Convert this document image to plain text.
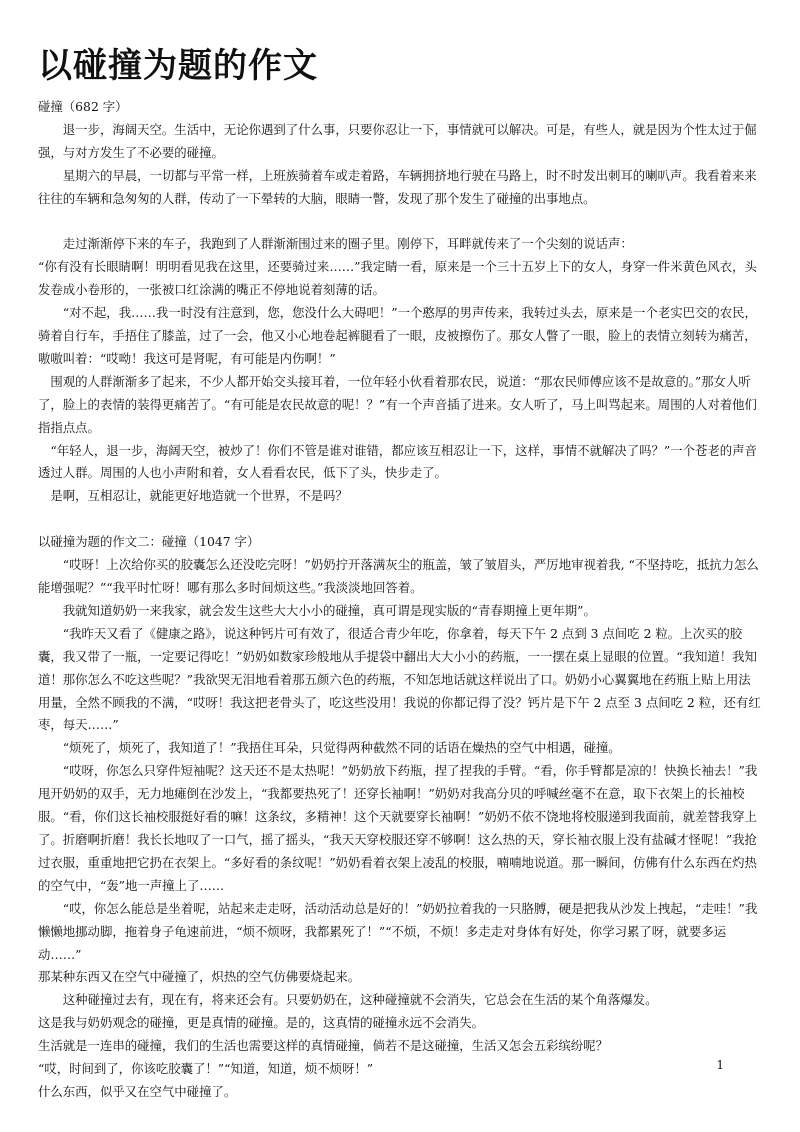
以碰撞为题的作文

碰撞（682 字）

退一步，海阔天空。生活中，无论你遇到了什么事，只要你忍让一下，事情就可以解决。可是，有些人，就是因为个性太过于倔强，与对方发生了不必要的碰撞。

星期六的早晨，一切都与平常一样，上班族骑着车或走着路，车辆拥挤地行驶在马路上，时不时发出刺耳的喇叭声。我看着来来往往的车辆和急匆匆的人群，传动了一下晕转的大脑，眼睛一瞥，发现了那个发生了碰撞的出事地点。

走过渐渐停下来的车子，我跑到了人群渐渐围过来的圈子里。刚停下，耳畔就传来了一个尖刻的说话声：

“你有没有长眼睛啊！明明看见我在这里，还要骑过来……”我定睛一看，原来是一个三十五岁上下的女人，身穿一件米黄色风衣，头发卷成小卷形的，一张被口红涂满的嘴正不停地说着刻薄的话。

“对不起，我……我一时没有注意到，您，您没什么大碍吧！”一个憨厚的男声传来，我转过头去，原来是一个老实巴交的农民，骑着自行车，手捂住了膝盖，过了一会，他又小心地卷起裤腿看了一眼，皮被擦伤了。那女人瞥了一眼，脸上的表情立刻转为痛苦，嗷嗷叫着：“哎呦！我这可是肾呢，有可能是内伤啊！”

围观的人群渐渐多了起来，不少人都开始交头接耳着，一位年轻小伙看着那农民，说道：“那农民师傅应该不是故意的。”那女人听了，脸上的表情的装得更痛苦了。“有可能是农民故意的呢！？”有一个声音插了进来。女人听了，马上叫骂起来。周围的人对着他们指指点点。

“年轻人，退一步，海阔天空，被炒了！你们不管是谁对谁错，都应该互相忍让一下，这样，事情不就解决了吗？”一个苍老的声音透过人群。周围的人也小声附和着，女人看看农民，低下了头，快步走了。

是啊，互相忍让，就能更好地造就一个世界，不是吗？

以碰撞为题的作文二：碰撞（1047 字）

“哎呀！上次给你买的胶囊怎么还没吃完呀！”奶奶拧开落满灰尘的瓶盖，皱了皱眉头，严厉地审视着我, “不坚持吃，抵抗力怎么能增强呢？”“我平时忙呀！哪有那么多时间烦这些。”我淡淡地回答着。

我就知道奶奶一来我家，就会发生这些大大小小的碰撞，真可谓是现实版的“青春期撞上更年期”。

“我昨天又看了《健康之路》，说这种钙片可有效了，很适合青少年吃，你拿着，每天下午 2 点到 3 点间吃 2 粒。上次买的胶囊，我又带了一瓶，一定要记得吃！”奶奶如数家珍般地从手提袋中翻出大大小小的药瓶，一一摆在桌上显眼的位置。“我知道！我知道！那你怎么不吃这些呢？”我欲哭无泪地看着那五颜六色的药瓶，不知怎地话就这样说出了口。奶奶小心翼翼地在药瓶上贴上用法用量，全然不顾我的不满，“哎呀！我这把老骨头了，吃这些没用！我说的你都记得了没？钙片是下午 2 点至 3 点间吃 2 粒，还有红枣，每天……”

“烦死了，烦死了，我知道了！”我捂住耳朵，只觉得两种截然不同的话语在燥热的空气中相遇，碰撞。

“哎呀，你怎么只穿件短袖呢？这天还不是太热呢！”奶奶放下药瓶，捏了捏我的手臂。“看，你手臂都是凉的！快换长袖去！”我甩开奶奶的双手，无力地瘫倒在沙发上，“我都要热死了！还穿长袖啊！”奶奶对我高分贝的呼喊丝毫不在意，取下衣架上的长袖校服。“看，你们这长袖校服挺好看的嘛！这条纹，多精神！这个天就要穿长袖啊！”奶奶不依不饶地将校服递到我面前，就差替我穿上了。折磨啊折磨！我长长地叹了一口气，摇了摇头，“我天天穿校服还穿不够啊！这么热的天，穿长袖衣服上没有盐碱才怪呢！”我抢过衣服，重重地把它扔在衣架上。“多好看的条纹呢！”奶奶看着衣架上凌乱的校服，喃喃地说道。那一瞬间，仿佛有什么东西在灼热的空气中，“轰”地一声撞上了……

“哎，你怎么能总是坐着呢，站起来走走呀，活动活动总是好的！”奶奶拉着我的一只胳膊，硬是把我从沙发上拽起，“走哇！”我懒懒地挪动脚，拖着身子龟速前进，“烦不烦呀，我都累死了！”“不烦，不烦！多走走对身体有好处，你学习累了呀，就要多运动……”

那某种东西又在空气中碰撞了，炽热的空气仿佛要烧起来。

这种碰撞过去有，现在有，将来还会有。只要奶奶在，这种碰撞就不会消失，它总会在生活的某个角落爆发。

这是我与奶奶观念的碰撞，更是真情的碰撞。是的，这真情的碰撞永远不会消失。

生活就是一连串的碰撞，我们的生活也需要这样的真情碰撞，倘若不是这碰撞，生活又怎会五彩缤纷呢？

“哎，时间到了，你该吃胶囊了！”“知道，知道，烦不烦呀！”

什么东西，似乎又在空气中碰撞了。

1
